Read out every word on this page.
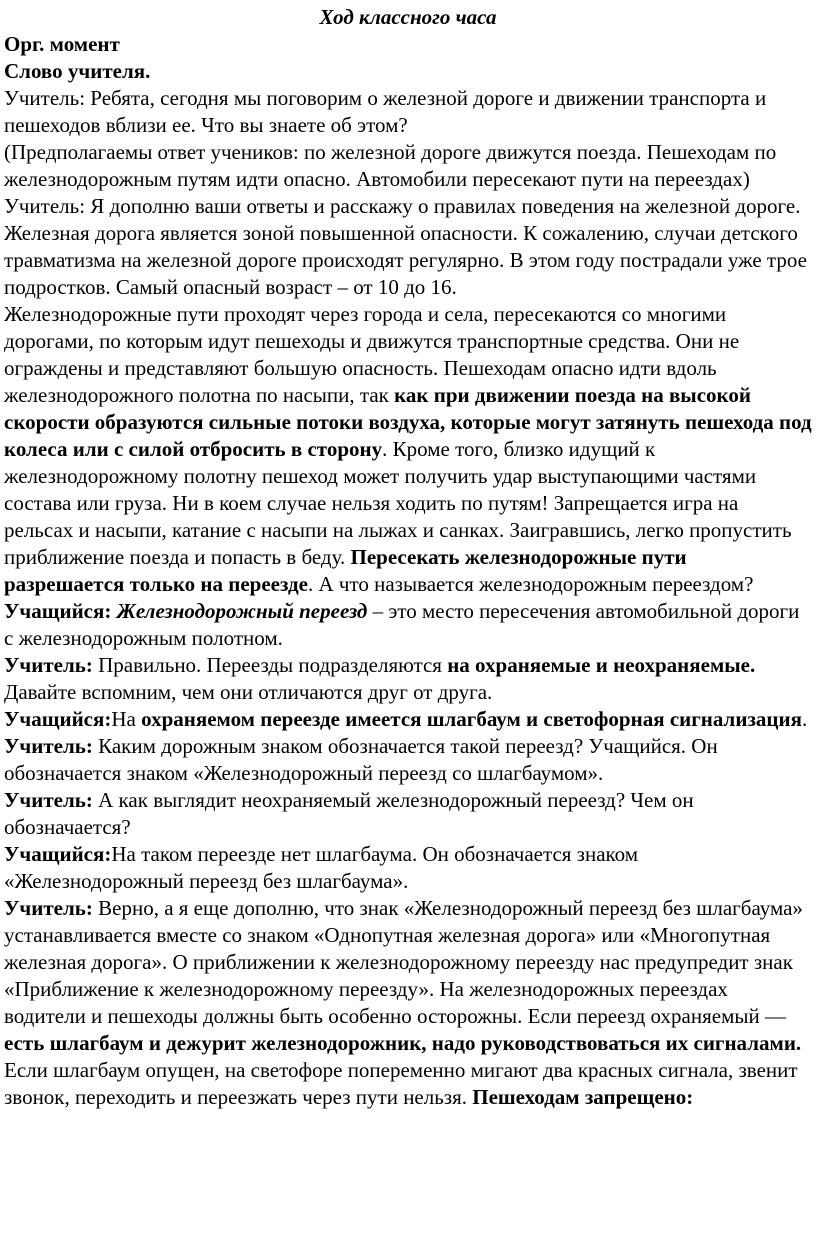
Ход классного часа

Орг. момент

Слово учителя.

Учитель: Ребята, сегодня мы поговорим о железной дороге и движении транспорта и пешеходов вблизи ее. Что вы знаете об этом?

(Предполагаемы ответ учеников: по железной дороге движутся поезда. Пешеходам по железнодорожным путям идти опасно. Автомобили пересекают пути на переездах)

Учитель: Я дополню ваши ответы и расскажу о правилах поведения на железной дороге. Железная дорога является зоной повышенной опасности. К сожалению, случаи детского травматизма на железной дороге происходят регулярно. В этом году пострадали уже трое подростков. Самый опасный возраст – от 10 до 16.

Железнодорожные пути проходят через города и села, пересекаются со многими дорогами, по которым идут пешеходы и движутся транспортные средства. Они не ограждены и представляют большую опасность. Пешеходам опасно идти вдоль железнодорожного полотна по насыпи, так как при движении поезда на высокой скорости образуются сильные потоки воздуха, которые могут затянуть пешехода под колеса или с силой отбросить в сторону. Кроме того, близко идущий к железнодорожному полотну пешеход может получить удар выступающими частями состава или груза. Ни в коем случае нельзя ходить по путям! Запрещается игра на рельсах и насыпи, катание с насыпи на лыжах и санках. Заигравшись, легко пропустить приближение поезда и попасть в беду. Пересекать железнодорожные пути разрешается только на переезде. А что называется железнодорожным переездом?

Учащийся: Железнодорожный переезд – это место пересечения автомобильной дороги с железнодорожным полотном.

Учитель: Правильно. Переезды подразделяются на охраняемые и неохраняемые. Давайте вспомним, чем они отличаются друг от друга.

Учащийся:На охраняемом переезде имеется шлагбаум и светофорная сигнализация.

Учитель: Каким дорожным знаком обозначается такой переезд? Учащийся. Он обозначается знаком «Железнодорожный переезд со шлагбаумом».

Учитель: А как выглядит неохраняемый железнодорожный переезд? Чем он обозначается?

Учащийся:На таком переезде нет шлагбаума. Он обозначается знаком «Железнодорожный переезд без шлагбаума».

Учитель: Верно, а я еще дополню, что знак «Железнодорожный переезд без шлагбаума» устанавливается вместе со знаком «Однопутная железная дорога» или «Многопутная железная дорога». О приближении к железнодорожному переезду нас предупредит знак «Приближение к железнодорожному переезду». На железнодорожных переездах водители и пешеходы должны быть особенно осторожны. Если переезд охраняемый — есть шлагбаум и дежурит железнодорожник, надо руководствоваться их сигналами. Если шлагбаум опущен, на светофоре попеременно мигают два красных сигнала, звенит звонок, переходить и переезжать через пути нельзя. Пешеходам запрещено:
